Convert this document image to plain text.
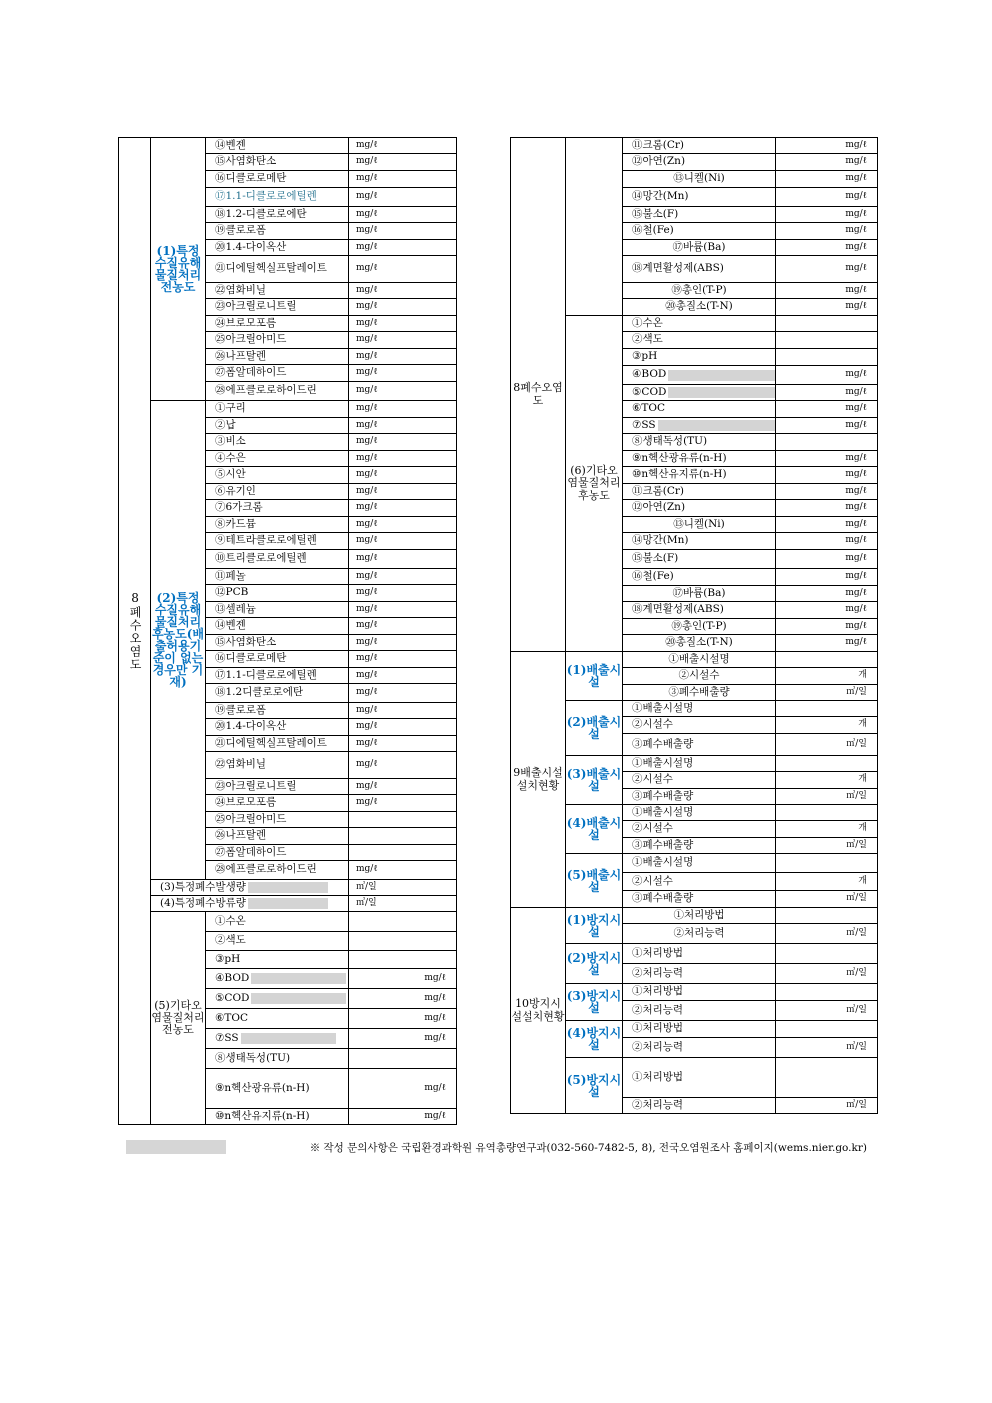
8폐수오염도
(1)특정수질유해물질처리전농도
⑭벤젠	mg/ℓ
⑮사염화탄소	mg/ℓ
⑯디클로로메탄	mg/ℓ
⑰1.1-디클로로에틸렌	mg/ℓ
⑱1.2-디클로로에탄	mg/ℓ
⑲클로로폼	mg/ℓ
⑳1.4-다이옥산	mg/ℓ
㉑디에틸헥실프탈레이트	mg/ℓ
㉒염화비닐	mg/ℓ
㉓아크릴로니트릴	mg/ℓ
㉔브로모포름	mg/ℓ
㉕아크릴아미드	mg/ℓ
㉖나프탈렌	mg/ℓ
㉗폼알데하이드	mg/ℓ
㉘에프클로로하이드린	mg/ℓ
(2)특정수질유해물질처리후농도(배출허용기준이 없는 경우만 기재)
①구리	mg/ℓ
②납	mg/ℓ
③비소	mg/ℓ
④수은	mg/ℓ
⑤시안	mg/ℓ
⑥유기인	mg/ℓ
⑦6가크롬	mg/ℓ
⑧카드뮴	mg/ℓ
⑨테트라클로로에틸렌	mg/ℓ
⑩트리클로로에틸렌	mg/ℓ
⑪페놀	mg/ℓ
⑫PCB	mg/ℓ
⑬셀레늄	mg/ℓ
⑭벤젠	mg/ℓ
⑮사염화탄소	mg/ℓ
⑯디클로로메탄	mg/ℓ
⑰1.1-디클로로에틸렌	mg/ℓ
⑱1.2디클로로에탄	mg/ℓ
⑲클로로폼	mg/ℓ
⑳1.4-다이옥산	mg/ℓ
㉑디에틸헥실프탈레이트	mg/ℓ
㉒염화비닐	mg/ℓ
㉓아크릴로니트릴	mg/ℓ
㉔브로모포름	mg/ℓ
㉕아크릴아미드
㉖나프탈렌
㉗폼알데하이드
㉘에프클로로하이드린	mg/ℓ
(3)특정폐수발생량	㎥/일
(4)특정폐수방류량	㎥/일
(5)기타오염물질처리전농도
①수온
②색도
③pH
④BOD	mg/ℓ
⑤COD	mg/ℓ
⑥TOC	mg/ℓ
⑦SS	mg/ℓ
⑧생태독성(TU)
⑨n헥산광유류(n-H)	mg/ℓ
⑩n헥산유지류(n-H)	mg/ℓ
⑪크롬(Cr)	mg/ℓ
⑫아연(Zn)	mg/ℓ
⑬니켈(Ni)	mg/ℓ
⑭망간(Mn)	mg/ℓ
⑮불소(F)	mg/ℓ
⑯철(Fe)	mg/ℓ
⑰바륨(Ba)	mg/ℓ
⑱계면활성제(ABS)	mg/ℓ
⑲총인(T-P)	mg/ℓ
⑳총질소(T-N)	mg/ℓ
8폐수오염도
(6)기타오염물질처리후농도
①수온
②색도
③pH
④BOD	mg/ℓ
⑤COD	mg/ℓ
⑥TOC	mg/ℓ
⑦SS	mg/ℓ
⑧생태독성(TU)
⑨n헥산광유류(n-H)	mg/ℓ
⑩n헥산유지류(n-H)	mg/ℓ
⑪크롬(Cr)	mg/ℓ
⑫아연(Zn)	mg/ℓ
⑬니켈(Ni)	mg/ℓ
⑭망간(Mn)	mg/ℓ
⑮불소(F)	mg/ℓ
⑯철(Fe)	mg/ℓ
⑰바륨(Ba)	mg/ℓ
⑱계면활성제(ABS)	mg/ℓ
⑲총인(T-P)	mg/ℓ
⑳총질소(T-N)	mg/ℓ
9배출시설설치현황
(1)배출시설
①배출시설명
②시설수	개
③폐수배출량	㎥/일
(2)배출시설
①배출시설명
②시설수	개
③폐수배출량	㎥/일
(3)배출시설
①배출시설명
②시설수	개
③폐수배출량	㎥/일
(4)배출시설
①배출시설명
②시설수	개
③폐수배출량	㎥/일
(5)배출시설
①배출시설명
②시설수	개
③폐수배출량	㎥/일
10방지시설설치현황
(1)방지시설
①처리방법
②처리능력	㎥/일
(2)방지시설
①처리방법
②처리능력	㎥/일
(3)방지시설
①처리방법
②처리능력	㎥/일
(4)방지시설
①처리방법
②처리능력	㎥/일
(5)방지시설
①처리방법
②처리능력	㎥/일
※ 작성 문의사항은 국립환경과학원 유역총량연구과(032-560-7482-5, 8), 전국오염원조사 홈페이지(wems.nier.go.kr)
